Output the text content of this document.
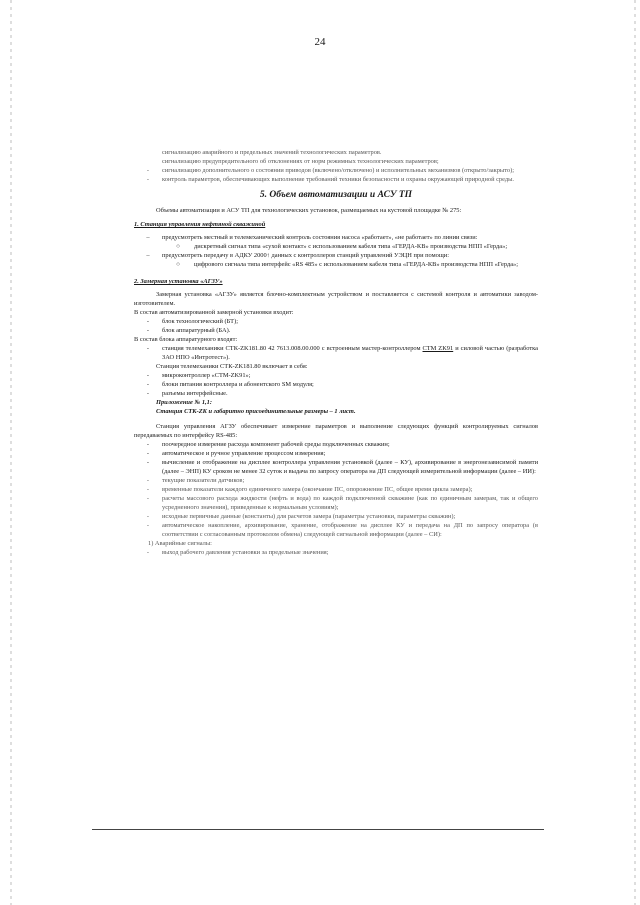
24

сигнализацию аварийного и предельных значений технологических параметров.

сигнализацию предупредительного об отклонениях от норм режимных технологических параметров;

-	сигнализацию дополнительного о состоянии приводов (включено/отключено) и исполнительных механизмов (открыто/закрыто);
-	контроль параметров, обеспечивающих выполнение требований техники безопасности и охраны окружающей природной среды.
5. Объем автоматизации и АСУ ТП

Объемы автоматизации и АСУ ТП для технологических установок, размещаемых на кустовой площадке № 275:

1. Станция управления нефтяной скважиной
–	предусмотреть местный и телемеханический контроль состояния насоса «работает», «не работает» по линии связи:
○	дискретный сигнал типа «сухой контакт» с использованием кабеля типа «ГЕРДА-КВ» производства НПП «Герда»;
–	предусмотреть передачу в АДКУ 2000↑ данных с контроллеров станций управлений УЭЦН при помощи:
○	цифрового сигнала типа интерфейс «RS 485» с использованием кабеля типа «ГЕРДА-КВ» производства НПП «Герда»;
2. Замерная установка «АГЗУ»

Замерная установка «АГЗУ» является блочно-комплектным устройством и поставляется с системой контроля и автоматики заводом-изготовителем.

В состав автоматизированной замерной установки входит:

-	блок технологический (БТ);
-	блок аппаратурный (БА).

В состав блока аппаратурного входят:

-	станция телемеханики СТК-ZK181.80 42 7613.008.00.000 с встроенным мастер-контроллером СТМ ZK91 и силовой частью (разработка ЗАО НПО «Интротест»).

Станция телемеханики СТК-ZK181.80 включает в себя:

-	микроконтроллер «СТМ-ZK91»;
-	блоки питания контроллера и абонентского SM модуля;
-	разъемы интерфейсные.

Приложение № 1,1:

Станция СТК-ZK и габаритно присоединительные размеры – 1 лист.

Станция управления АГЗУ обеспечивает измерение параметров и выполнение следующих функций контролируемых сигналов передаваемых по интерфейсу RS-485:

-	поочередное измерение расхода компонент рабочей среды подключенных скважин;
-	автоматическое и ручное управление процессом измерения;
-	вычисление и отображение на дисплее контроллера управления установкой (далее – КУ), архивирование в энергонезависимой памяти (далее – ЭНП) КУ сроком не менее 32 суток и выдача по запросу оператора на ДП следующей измерительной информации (далее – ИИ):
-	текущие показатели датчиков;
-	временные показатели каждого единичного замера (окончание ПС, опорожнение ПС, общее время цикла замера);
-	расчеты массового расхода жидкости (нефть и вода) по каждой подключенной скважине (как по единичным замерам, так и общего усредненного значения), приведенные к нормальным условиям);
-	исходные первичные данные (константы) для расчетов замера (параметры установки, параметры скважин);
-	автоматическое накопление, архивирование, хранение, отображение на дисплее КУ и передача на ДП по запросу оператора (в соответствии с согласованным протоколом обмена) следующей сигнальной информации (далее – СИ):

1) Аварийные сигналы:

-	выход рабочего давления установки за предельные значения;
